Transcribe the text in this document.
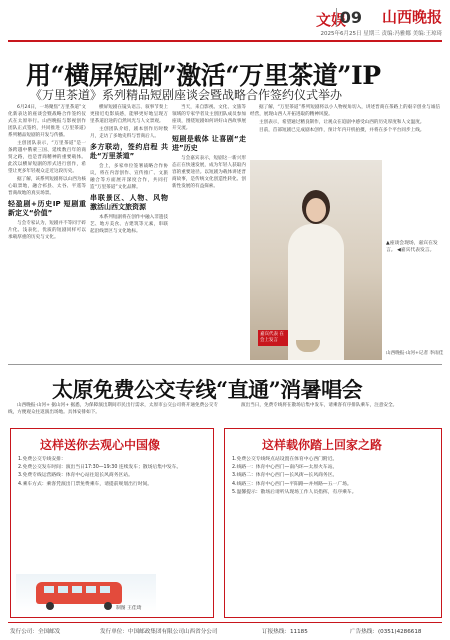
文娱
09 山西晚报
2025年6月25日 星期三 责编:冯雅娜 美编:王琼琦
用“横屏短剧”激活“万里茶道”IP
《万里茶道》系列精品短剧座谈会暨战略合作签约仪式举办

6月24日，一场聚焦“万里茶道”文化新表达的座谈会暨战略合作签约仪式在太原举行。山西晚报与影视创作团队正式签约，共同推进《万里茶道》系列精品短剧的开发与传播。

主创团队表示，“万里茶道”是一条跨越中俄蒙三国、延续数百年的商贸之路，也是晋商精神的重要载体。此次以横屏短剧的形式进行创作，希望让更多年轻观众走近这段历史。

据了解，该系列短剧将以山西为核心取景地，融合祁县、太谷、平遥等晋商故地的真实场景。

轻盈剧+历史IP 短剧重新定义“价值”

与会专家认为，短剧并不等同于碎片化、浅表化，优质的短剧同样可以承载厚重的历史与文化。

横屏短剧在镜头语言、叙事节奏上更接近电影质感，能够更好地呈现万里茶道沿途的自然风光与人文景观。

主创团队介绍，剧本创作历时数月，走访了多地史料与晋商后人。

多方联动，签约启程 共赴“万里茶道”

会上，多家单位签署战略合作协议，将在内容创作、宣传推广、文旅融合等方面展开深度合作，共同打造“万里茶道”文化品牌。

串联景区、人物、风物 激活山西文旅资源

本系列短剧将在创作中融入非遗技艺、地方美食、古建筑等元素，串联起沿线景区与文化地标。

当天，来自影视、文化、文旅等领域的专家学者及主创团队成员参加座谈，围绕短剧如何讲好山西故事展开交流。

短剧是载体 让喜剧“走进”历史

与会嘉宾表示，短剧这一新兴形态正在快速发展，成为年轻人获取内容的重要途径。以短剧为载体讲述晋商故事，是传统文化创造性转化、创新性发展的有益探索。

据了解，“万里茶道”系列短剧将以小人物视角切入，讲述晋商在茶路上的艰辛创业与诚信经营，展现山西人开拓进取的精神风貌。

主创表示，希望通过精良制作，让观众在追剧中感受山西的历史厚度和人文温度。

目前，首部短剧已完成剧本创作，预计年内开机拍摄，并将在多个平台同步上线。

嘉宾代表 在会上发言
▲座谈会现场，嘉宾在发言。 ◀嘉宾代表发言。
山西晚报·山河+记者 李雨佳
太原免费公交专线“直通”消暑唱会

山西晚报·山河+ 据山河+ 据悉，为保障演出期间市民出行需求，太原市公交公司将开通免费公交专线，方便观众往返演出场地。具体安排如下。

演出当日，免费专线将在散场后集中发车，请乘客有序排队乘车，注意安全。

这样送你去观心中国像

1.免费公交专线安排：

2.免费公交发车时间：演出当日17:30—19:30 连续发车；散场后集中发车。

3.免费专线运营路线：体育中心站往返长风商务区站。

4.乘车方式：乘客凭演出门票免费乘车，请提前规划出行时间。

制图 王佳琦
这样载你踏上回家之路

1.免费公交专线终点站设置在体育中心西门附近。

2.线路一：体育中心西门—南内环—太原火车站。

3.线路二：体育中心西门—长风街—长风商务区。

4.线路三：体育中心西门—平阳路—并州路—五一广场。

5.温馨提示：散场后请听从现场工作人员指挥，有序乘车。

发行公司：全国邮发	发行单位：中国邮政集团有限公司山西省分公司	订报热线：11185	广告热线：(0351)4286618
